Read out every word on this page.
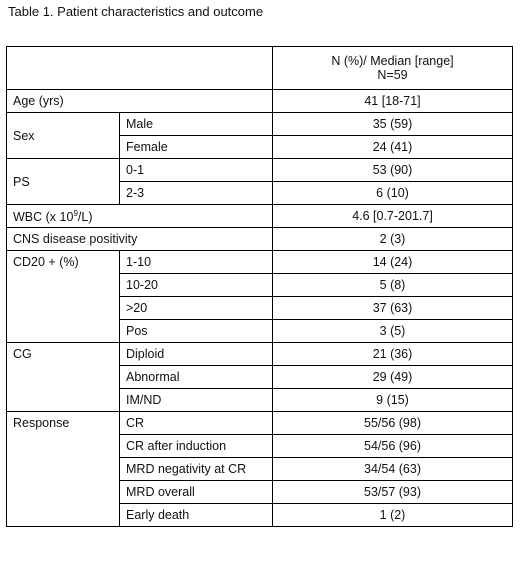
Table 1. Patient characteristics and outcome

		N (%)/ Median [range]
N=59

Age (yrs)		41 [18-71]
Sex	Male	35 (59)
	Female	24 (41)
PS	0-1	53 (90)
	2-3	6 (10)
WBC (x $10^9/L$)		4.6 [0.7-201.7]
CNS disease positivity		2 (3)
CD20 + (%)	1-10	14 (24)
	10-20	5 (8)
	>20	37 (63)
	Pos	3 (5)
CG	Diploid	21 (36)
	Abnormal	29 (49)
	IM/ND	9 (15)
Response	CR	55/56 (98)
	CR after induction	54/56 (96)
	MRD negativity at CR	34/54 (63)
	MRD overall	53/57 (93)
	Early death	1 (2)
